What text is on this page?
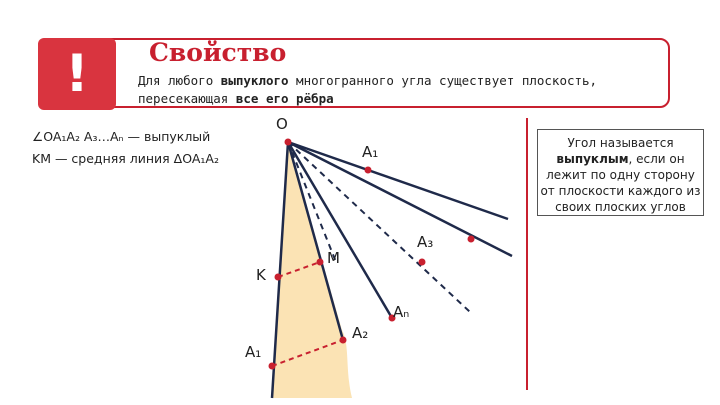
! Свойство
Для любого выпуклого многогранного угла существует плоскость, пересекающая все его рёбра
∠OA₁A₂ A₃…Aₙ — выпуклый
KM — средняя линия ΔOA₁A₂
Угол называется выпуклым, если он лежит по одну сторону от плоскости каждого из своих плоских углов
O
A₁
A₃
M
K
Aₙ
A₂
A₁
